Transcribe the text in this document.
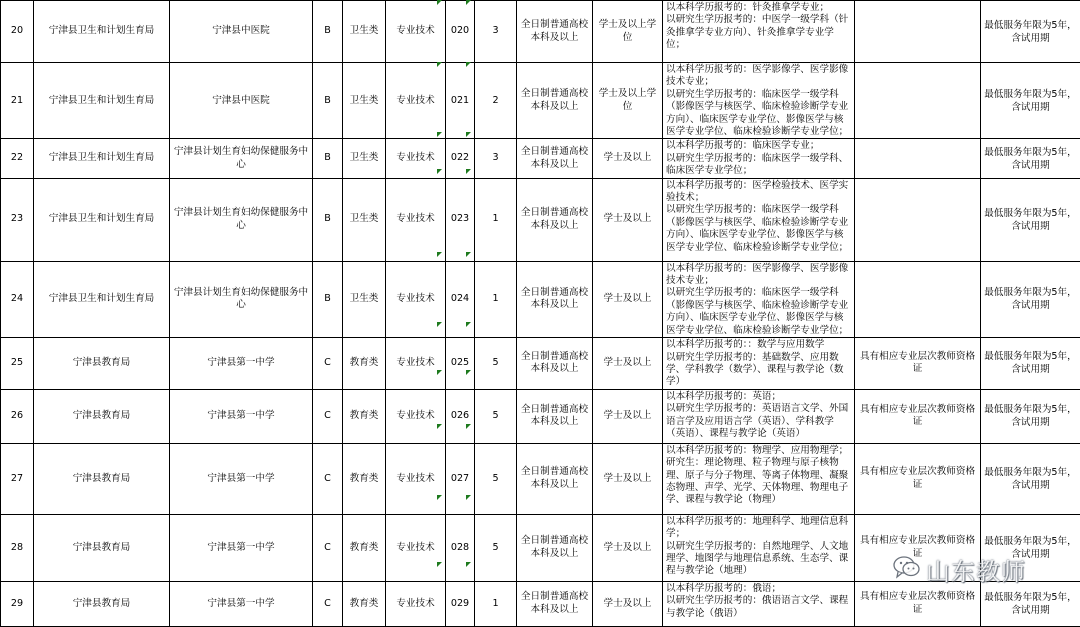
20	宁津县卫生和计划生育局	宁津县中医院	B	卫生类	专业技术	020	3	全日制普通高校本科及以上	学士及以上学位	以本科学历报考的：针灸推拿学专业；
以研究生学历报考的：中医学一级学科（针灸推拿学专业方向）、针灸推拿学专业学位；		最低服务年限为5年，含试用期
21	宁津县卫生和计划生育局	宁津县中医院	B	卫生类	专业技术	021	2	全日制普通高校本科及以上	学士及以上学位	以本科学历报考的：医学影像学、医学影像技术专业；
以研究生学历报考的：临床医学一级学科（影像医学与核医学、临床检验诊断学专业方向）、临床医学专业学位、影像医学与核医学专业学位、临床检验诊断学专业学位；		最低服务年限为5年，含试用期
22	宁津县卫生和计划生育局	宁津县计划生育妇幼保健服务中心	B	卫生类	专业技术	022	3	全日制普通高校本科及以上	学士及以上	以本科学历报考的：临床医学专业；
以研究生学历报考的：临床医学一级学科、临床医学专业学位；		最低服务年限为5年，含试用期
23	宁津县卫生和计划生育局	宁津县计划生育妇幼保健服务中心	B	卫生类	专业技术	023	1	全日制普通高校本科及以上	学士及以上	以本科学历报考的：医学检验技术、医学实验技术；
以研究生学历报考的：临床医学一级学科（影像医学与核医学、临床检验诊断学专业方向）、临床医学专业学位、影像医学与核医学专业学位、临床检验诊断学专业学位；		最低服务年限为5年，含试用期
24	宁津县卫生和计划生育局	宁津县计划生育妇幼保健服务中心	B	卫生类	专业技术	024	1	全日制普通高校本科及以上	学士及以上	以本科学历报考的：医学影像学、医学影像技术专业；
以研究生学历报考的：临床医学一级学科（影像医学与核医学、临床检验诊断学专业方向）、临床医学专业学位、影像医学与核医学专业学位、临床检验诊断学专业学位；		最低服务年限为5年，含试用期
25	宁津县教育局	宁津县第一中学	C	教育类	专业技术	025	5	全日制普通高校本科及以上	学士及以上	以本科学历报考的：：数学与应用数学
以研究生学历报考的：基础数学、应用数学、学科教学（数学）、课程与教学论（数学）	具有相应专业层次教师资格证	最低服务年限为5年，含试用期
26	宁津县教育局	宁津县第一中学	C	教育类	专业技术	026	5	全日制普通高校本科及以上	学士及以上	以本科学历报考的：英语；
以研究生学历报考的：英语语言文学、外国语言学及应用语言学（英语）、学科教学（英语）、课程与教学论（英语）	具有相应专业层次教师资格证	最低服务年限为5年，含试用期
27	宁津县教育局	宁津县第一中学	C	教育类	专业技术	027	5	全日制普通高校本科及以上	学士及以上	以本科学历报考的：物理学、应用物理学；研究生：理论物理、粒子物理与原子核物理、原子与分子物理、等离子体物理、凝聚态物理、声学、光学、天体物理、物理电子学、课程与教学论（物理）	具有相应专业层次教师资格证	最低服务年限为5年，含试用期
28	宁津县教育局	宁津县第一中学	C	教育类	专业技术	028	5	全日制普通高校本科及以上	学士及以上	以本科学历报考的：地理科学、地理信息科学；
以研究生学历报考的：自然地理学、人文地理学、地图学与地理信息系统、生态学、课程与教学论（地理）	具有相应专业层次教师资格证	最低服务年限为5年，含试用期
29	宁津县教育局	宁津县第一中学	C	教育类	专业技术	029	1	全日制普通高校本科及以上	学士及以上	以本科学历报考的：俄语；
以研究生学历报考的：俄语语言文学、课程与教学论（俄语）	具有相应专业层次教师资格证	最低服务年限为5年，含试用期
山东教师
